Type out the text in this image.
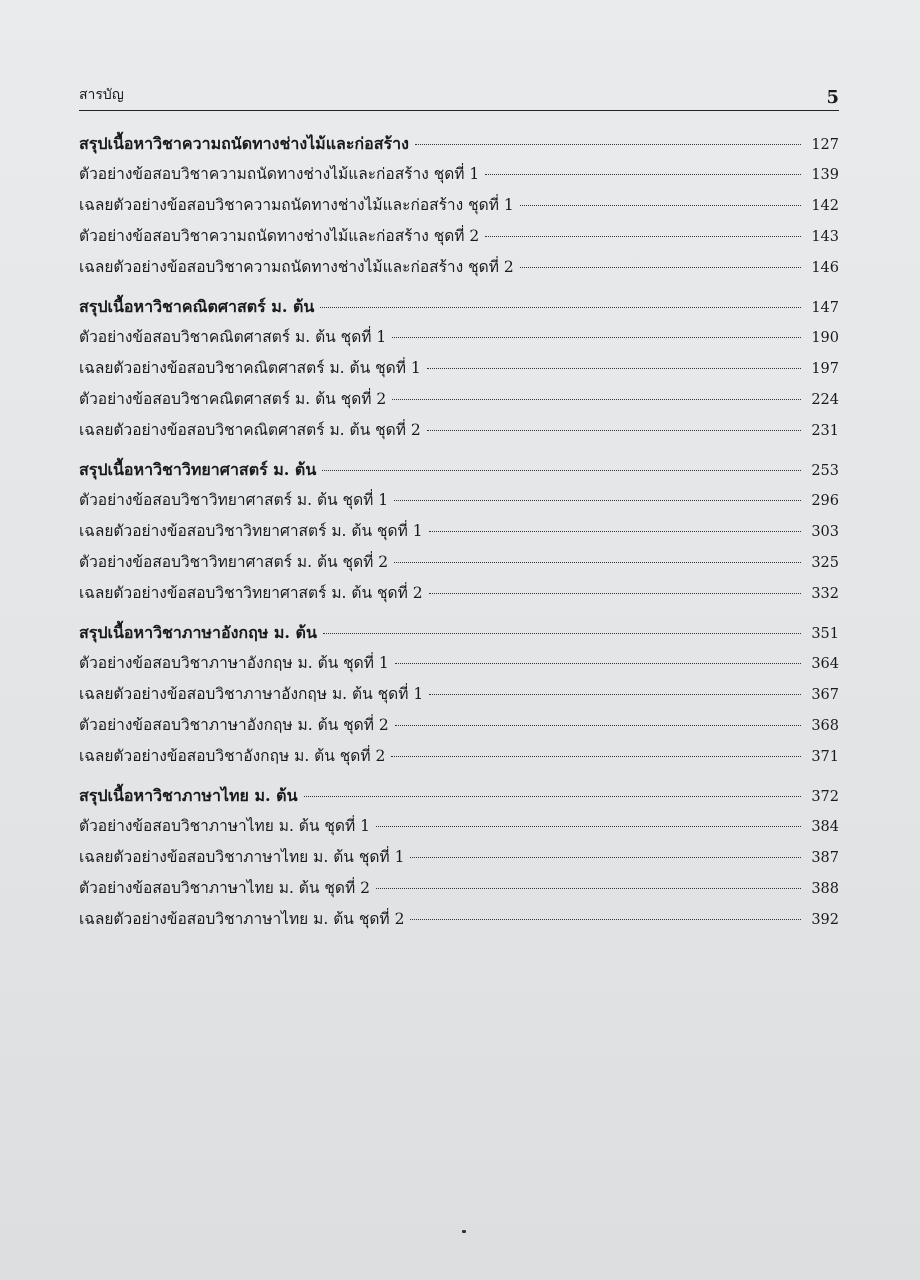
สารบัญ	5
สรุปเนื้อหาวิชาความถนัดทางช่างไม้และก่อสร้าง	127
ตัวอย่างข้อสอบวิชาความถนัดทางช่างไม้และก่อสร้าง ชุดที่ 1	139
เฉลยตัวอย่างข้อสอบวิชาความถนัดทางช่างไม้และก่อสร้าง ชุดที่ 1	142
ตัวอย่างข้อสอบวิชาความถนัดทางช่างไม้และก่อสร้าง ชุดที่ 2	143
เฉลยตัวอย่างข้อสอบวิชาความถนัดทางช่างไม้และก่อสร้าง ชุดที่ 2	146
สรุปเนื้อหาวิชาคณิตศาสตร์ ม. ต้น	147
ตัวอย่างข้อสอบวิชาคณิตศาสตร์ ม. ต้น ชุดที่ 1	190
เฉลยตัวอย่างข้อสอบวิชาคณิตศาสตร์ ม. ต้น ชุดที่ 1	197
ตัวอย่างข้อสอบวิชาคณิตศาสตร์ ม. ต้น ชุดที่ 2	224
เฉลยตัวอย่างข้อสอบวิชาคณิตศาสตร์ ม. ต้น ชุดที่ 2	231
สรุปเนื้อหาวิชาวิทยาศาสตร์ ม. ต้น	253
ตัวอย่างข้อสอบวิชาวิทยาศาสตร์ ม. ต้น ชุดที่ 1	296
เฉลยตัวอย่างข้อสอบวิชาวิทยาศาสตร์ ม. ต้น ชุดที่ 1	303
ตัวอย่างข้อสอบวิชาวิทยาศาสตร์ ม. ต้น ชุดที่ 2	325
เฉลยตัวอย่างข้อสอบวิชาวิทยาศาสตร์ ม. ต้น ชุดที่ 2	332
สรุปเนื้อหาวิชาภาษาอังกฤษ ม. ต้น	351
ตัวอย่างข้อสอบวิชาภาษาอังกฤษ ม. ต้น ชุดที่ 1	364
เฉลยตัวอย่างข้อสอบวิชาภาษาอังกฤษ ม. ต้น ชุดที่ 1	367
ตัวอย่างข้อสอบวิชาภาษาอังกฤษ ม. ต้น ชุดที่ 2	368
เฉลยตัวอย่างข้อสอบวิชาอังกฤษ ม. ต้น ชุดที่ 2	371
สรุปเนื้อหาวิชาภาษาไทย ม. ต้น	372
ตัวอย่างข้อสอบวิชาภาษาไทย ม. ต้น ชุดที่ 1	384
เฉลยตัวอย่างข้อสอบวิชาภาษาไทย ม. ต้น ชุดที่ 1	387
ตัวอย่างข้อสอบวิชาภาษาไทย ม. ต้น ชุดที่ 2	388
เฉลยตัวอย่างข้อสอบวิชาภาษาไทย ม. ต้น ชุดที่ 2	392
